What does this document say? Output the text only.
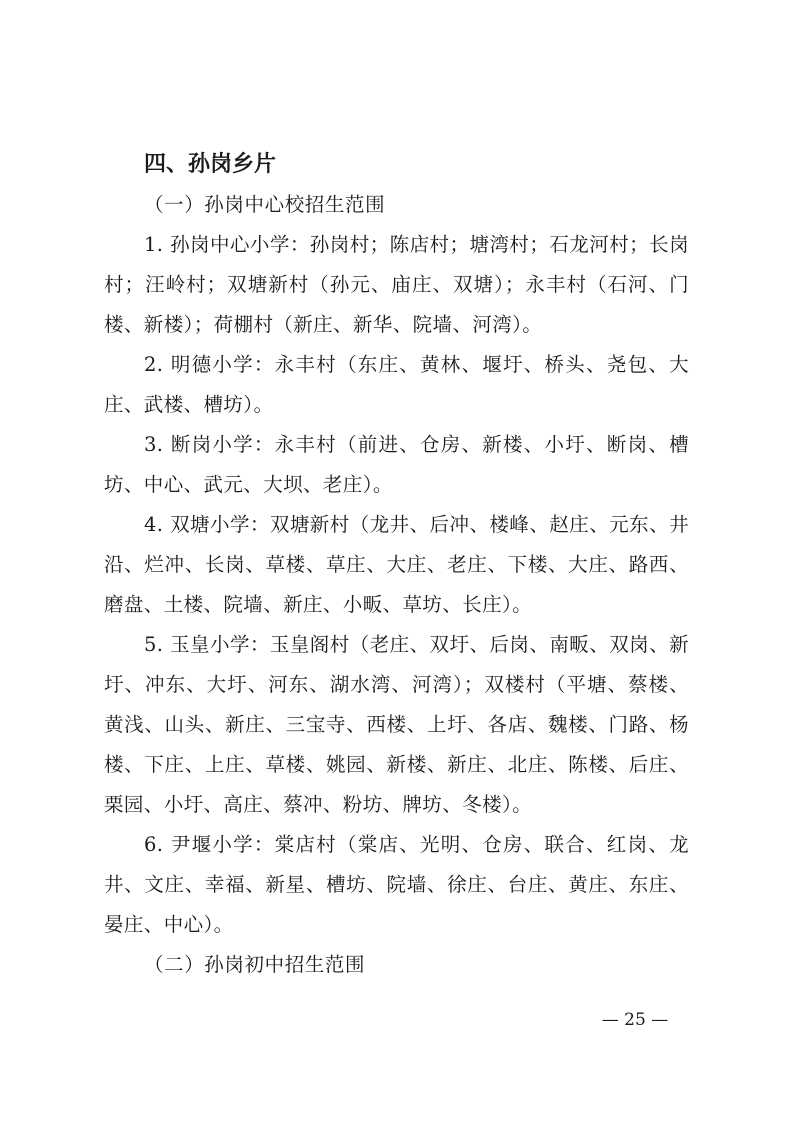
四、孙岗乡片

（一）孙岗中心校招生范围

1. 孙岗中心小学：孙岗村；陈店村；塘湾村；石龙河村；长岗村；汪岭村；双塘新村（孙元、庙庄、双塘）；永丰村（石河、门楼、新楼）；荷棚村（新庄、新华、院墙、河湾）。

2. 明德小学：永丰村（东庄、黄林、堰圩、桥头、尧包、大庄、武楼、槽坊）。

3. 断岗小学：永丰村（前进、仓房、新楼、小圩、断岗、槽坊、中心、武元、大坝、老庄）。

4. 双塘小学：双塘新村（龙井、后冲、楼峰、赵庄、元东、井沿、烂冲、长岗、草楼、草庄、大庄、老庄、下楼、大庄、路西、磨盘、土楼、院墙、新庄、小畈、草坊、长庄）。

5. 玉皇小学：玉皇阁村（老庄、双圩、后岗、南畈、双岗、新圩、冲东、大圩、河东、湖水湾、河湾）；双楼村（平塘、蔡楼、黄浅、山头、新庄、三宝寺、西楼、上圩、各店、魏楼、门路、杨楼、下庄、上庄、草楼、姚园、新楼、新庄、北庄、陈楼、后庄、栗园、小圩、高庄、蔡冲、粉坊、牌坊、冬楼）。

6. 尹堰小学：棠店村（棠店、光明、仓房、联合、红岗、龙井、文庄、幸福、新星、槽坊、院墙、徐庄、台庄、黄庄、东庄、晏庄、中心）。

（二）孙岗初中招生范围

— 25 —
